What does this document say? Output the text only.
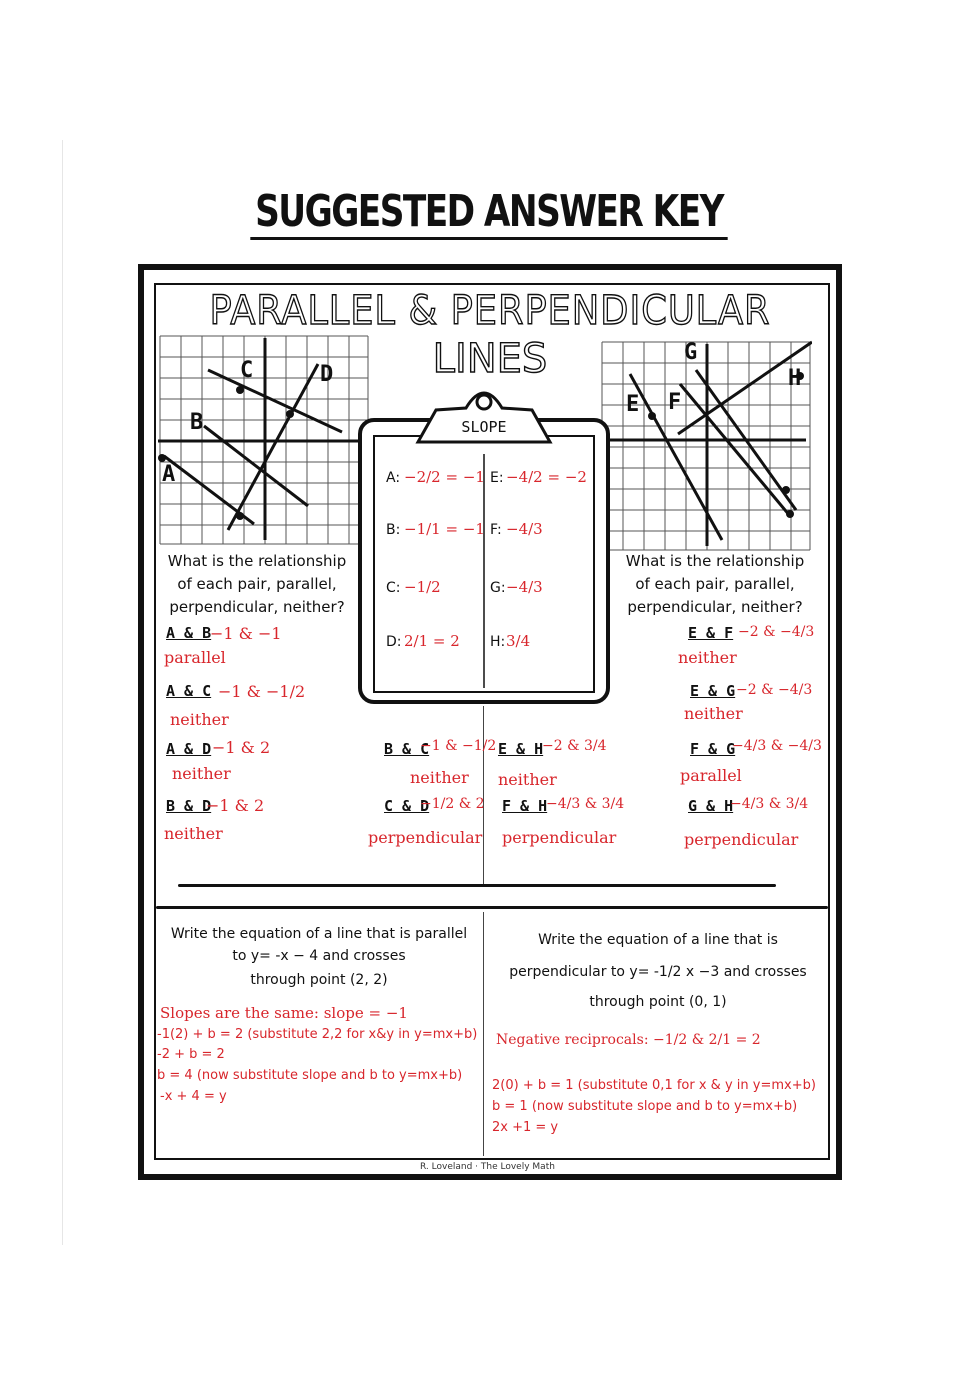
SUGGESTED ANSWER KEY
PARALLEL & PERPENDICULAR
LINES
A
B
C	D
E F
G
H
SLOPE
A: −2/2 = −1
B: −1/1 = −1
C: −1/2
D: 2/1 = 2
E: −4/2 = −2
F: −4/3
G: −4/3
H: 3/4
What is the relationship
of each pair, parallel,
perpendicular, neither?
What is the relationship
of each pair, parallel,
perpendicular, neither?
A & B
−1 & −1
parallel
A & C −1 & −1/2
neither
A & D −1 & 2
neither
B & D
−1 & 2
neither
B & C
−1 & −1/2
neither
C & D
−1/2 & 2
perpendicular
E & F −2 & −4/3
neither
E & G −2 & −4/3
neither
E & H
−2 & 3/4
neither
F & H
−4/3 & 3/4
perpendicular
F & G
−4/3 & −4/3
parallel
G & H
−4/3 & 3/4
perpendicular
Write the equation of a line that is parallel
to y= -x − 4 and crosses
through point (2, 2)
Slopes are the same: slope = −1
-1(2) + b = 2 (substitute 2,2 for x&y in y=mx+b)
-2 + b = 2
b = 4 (now substitute slope and b to y=mx+b)
-x + 4 = y
Write the equation of a line that is
perpendicular to y= -1/2 x −3 and crosses
through point (0, 1)
Negative reciprocals: −1/2 & 2/1 = 2
2(0) + b = 1 (substitute 0,1 for x & y in y=mx+b)
b = 1 (now substitute slope and b to y=mx+b)
2x +1 = y
R. Loveland · The Lovely Math
